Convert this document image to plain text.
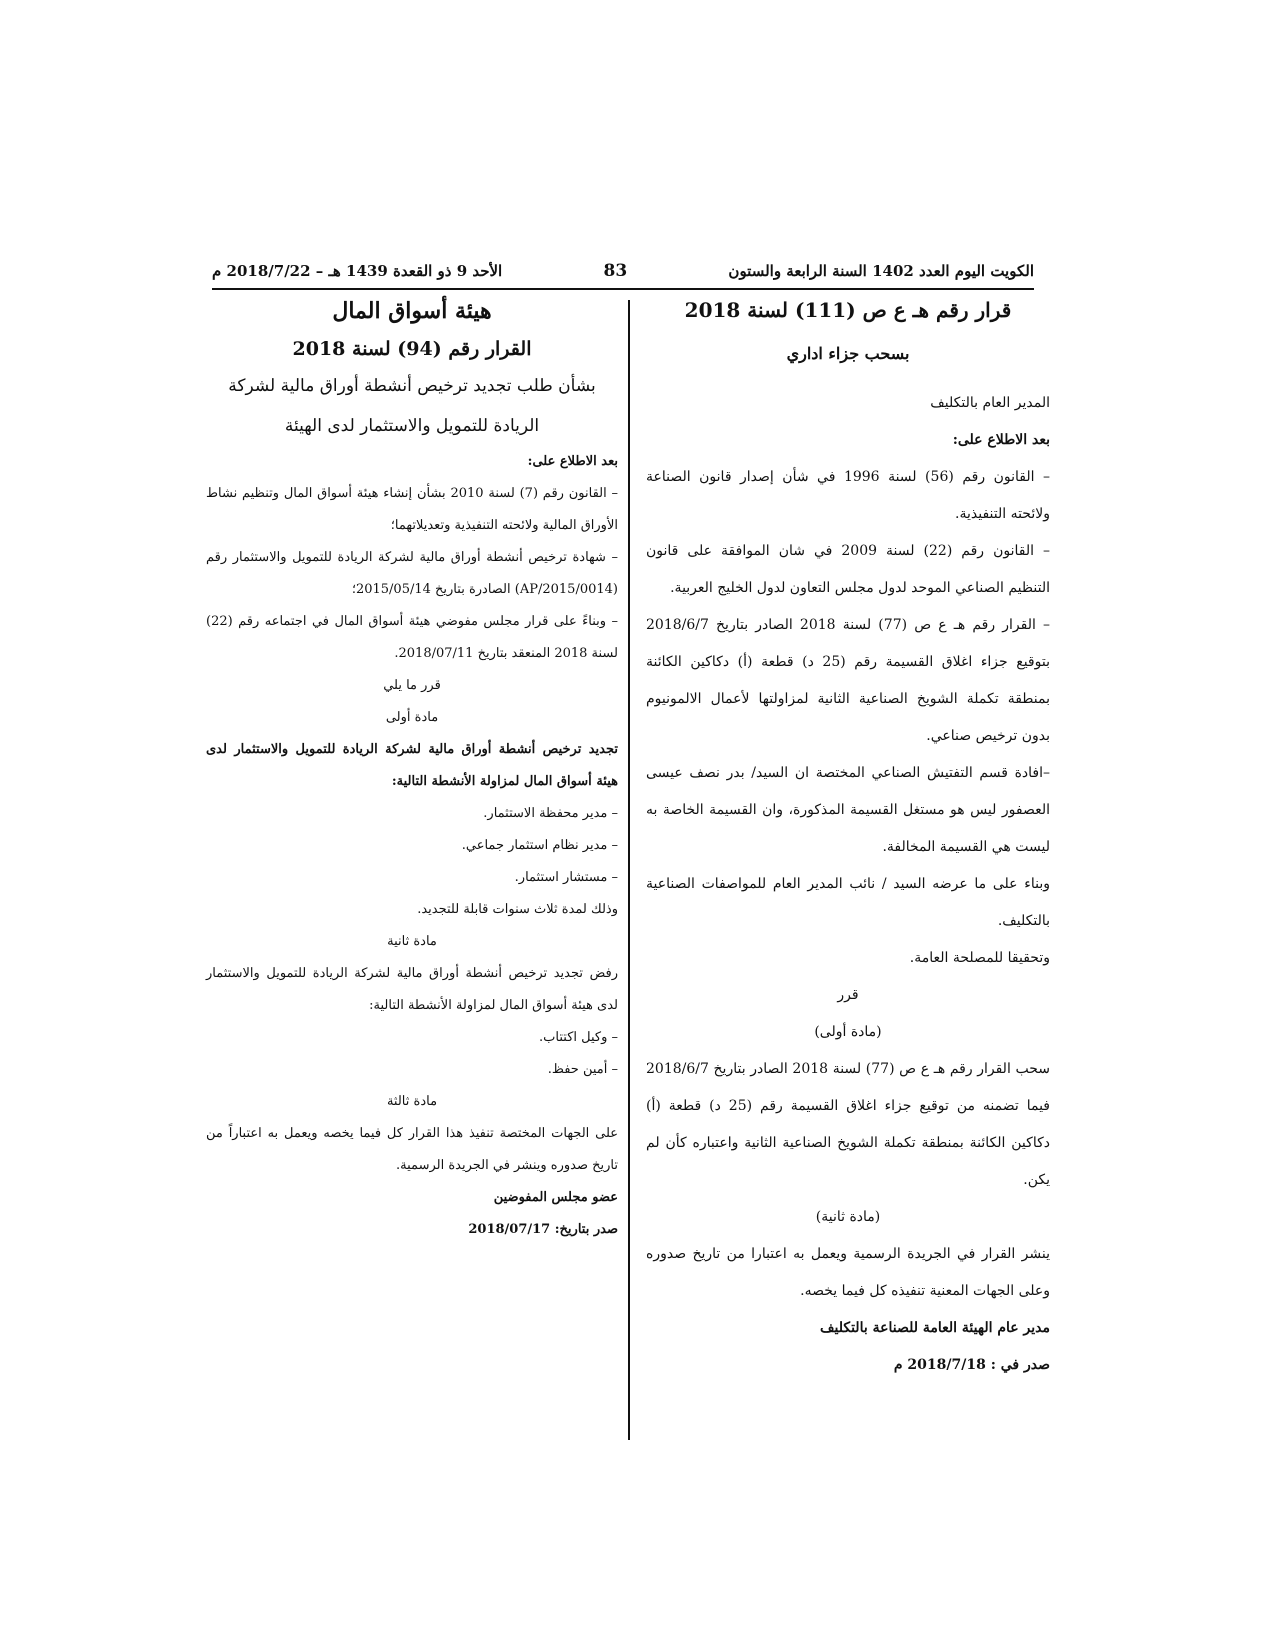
الكويت اليوم العدد 1402 السنة الرابعة والستون
83
الأحد 9 ذو القعدة 1439 هـ – 2018/7/22 م

قرار رقم هـ ع ص (111) لسنة 2018

بسحب جزاء اداري

المدير العام بالتكليف

بعد الاطلاع على:

– القانون رقم (56) لسنة 1996 في شأن إصدار قانون الصناعة ولائحته التنفيذية.

– القانون رقم (22) لسنة 2009 في شان الموافقة على قانون التنظيم الصناعي الموحد لدول مجلس التعاون لدول الخليج العربية.

– القرار رقم هـ ع ص (77) لسنة 2018 الصادر بتاريخ 2018/6/7 بتوقيع جزاء اغلاق القسيمة رقم (25 د) قطعة (أ) دكاكين الكائنة بمنطقة تكملة الشويخ الصناعية الثانية لمزاولتها لأعمال الالمونيوم بدون ترخيص صناعي.

–افادة قسم التفتيش الصناعي المختصة ان السيد/ بدر نصف عيسى العصفور ليس هو مستغل القسيمة المذكورة، وان القسيمة الخاصة به ليست هي القسيمة المخالفة.

وبناء على ما عرضه السيد / نائب المدير العام للمواصفات الصناعية بالتكليف.

وتحقيقا للمصلحة العامة.

قرر

(مادة أولى)

سحب القرار رقم هـ ع ص (77) لسنة 2018 الصادر بتاريخ 2018/6/7 فيما تضمنه من توقيع جزاء اغلاق القسيمة رقم (25 د) قطعة (أ) دكاكين الكائنة بمنطقة تكملة الشويخ الصناعية الثانية واعتباره كأن لم يكن.

(مادة ثانية)

ينشر القرار في الجريدة الرسمية ويعمل به اعتبارا من تاريخ صدوره وعلى الجهات المعنية تنفيذه كل فيما يخصه.

مدير عام الهيئة العامة للصناعة بالتكليف

صدر في : 2018/7/18 م

هيئة أسواق المال

القرار رقم (94) لسنة 2018

بشأن طلب تجديد ترخيص أنشطة أوراق مالية لشركة الريادة للتمويل والاستثمار لدى الهيئة

بعد الاطلاع على:

– القانون رقم (7) لسنة 2010 بشأن إنشاء هيئة أسواق المال وتنظيم نشاط الأوراق المالية ولائحته التنفيذية وتعديلاتهما؛

– شهادة ترخيص أنشطة أوراق مالية لشركة الريادة للتمويل والاستثمار رقم (AP/2015/0014) الصادرة بتاريخ 2015/05/14؛

– وبناءً على قرار مجلس مفوضي هيئة أسواق المال في اجتماعه رقم (22) لسنة 2018 المنعقد بتاريخ 2018/07/11.

قرر ما يلي

مادة أولى

تجديد ترخيص أنشطة أوراق مالية لشركة الريادة للتمويل والاستثمار لدى هيئة أسواق المال لمزاولة الأنشطة التالية:

– مدير محفظة الاستثمار.

– مدير نظام استثمار جماعي.

– مستشار استثمار.

وذلك لمدة ثلاث سنوات قابلة للتجديد.

مادة ثانية

رفض تجديد ترخيص أنشطة أوراق مالية لشركة الريادة للتمويل والاستثمار لدى هيئة أسواق المال لمزاولة الأنشطة التالية:

– وكيل اكتتاب.

– أمين حفظ.

مادة ثالثة

على الجهات المختصة تنفيذ هذا القرار كل فيما يخصه ويعمل به اعتباراً من تاريخ صدوره وينشر في الجريدة الرسمية.

عضو مجلس المفوضين

صدر بتاريخ: 2018/07/17
